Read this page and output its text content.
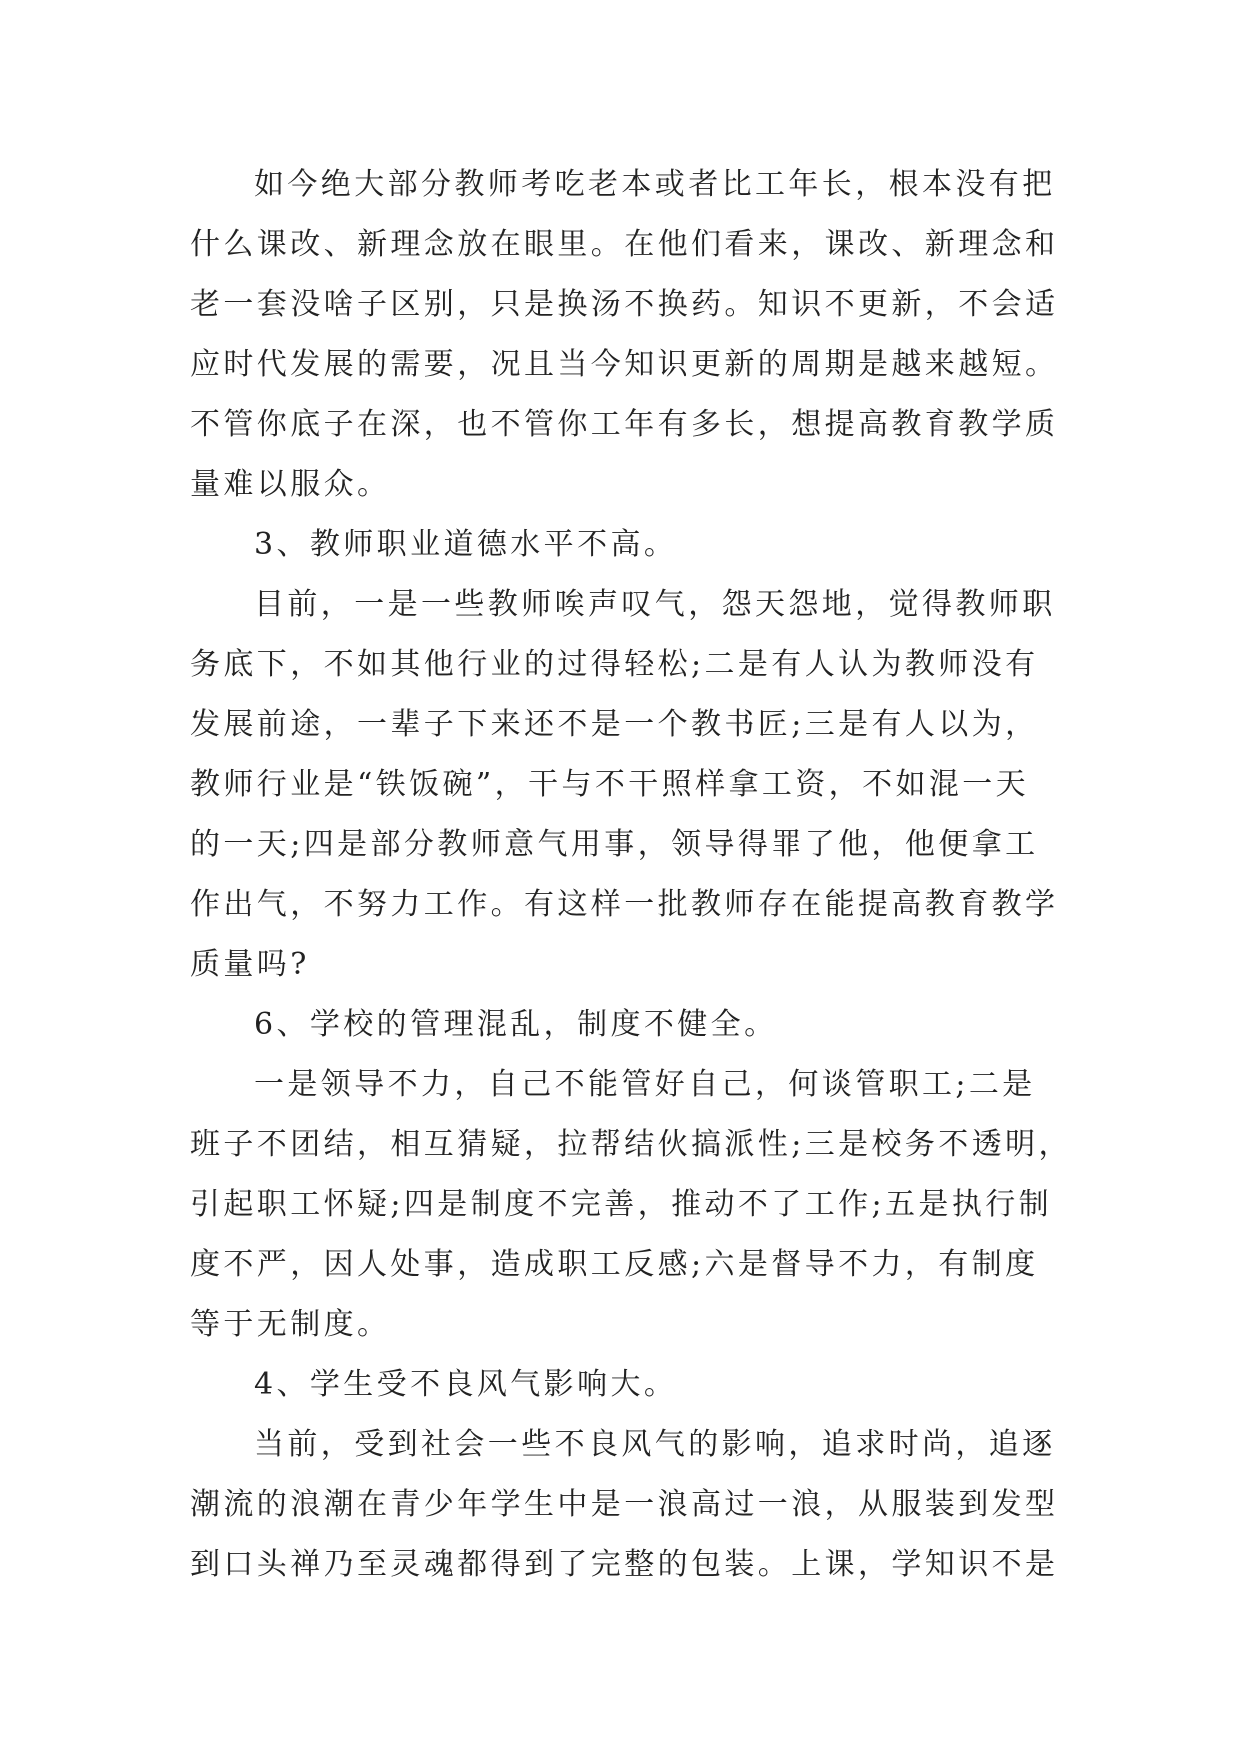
如今绝大部分教师考吃老本或者比工年长，根本没有把
什么课改、新理念放在眼里。在他们看来，课改、新理念和
老一套没啥子区别，只是换汤不换药。知识不更新，不会适
应时代发展的需要，况且当今知识更新的周期是越来越短。
不管你底子在深，也不管你工年有多长，想提高教育教学质
量难以服众。
3、教师职业道德水平不高。
目前，一是一些教师唉声叹气，怨天怨地，觉得教师职
务底下，不如其他行业的过得轻松;二是有人认为教师没有
发展前途，一辈子下来还不是一个教书匠;三是有人以为，
教师行业是“铁饭碗”，干与不干照样拿工资，不如混一天
的一天;四是部分教师意气用事，领导得罪了他，他便拿工
作出气，不努力工作。有这样一批教师存在能提高教育教学
质量吗?
6、学校的管理混乱，制度不健全。
一是领导不力，自己不能管好自己，何谈管职工;二是
班子不团结，相互猜疑，拉帮结伙搞派性;三是校务不透明，
引起职工怀疑;四是制度不完善，推动不了工作;五是执行制
度不严，因人处事，造成职工反感;六是督导不力，有制度
等于无制度。
4、学生受不良风气影响大。
当前，受到社会一些不良风气的影响，追求时尚，追逐
潮流的浪潮在青少年学生中是一浪高过一浪，从服装到发型
到口头禅乃至灵魂都得到了完整的包装。上课，学知识不是
